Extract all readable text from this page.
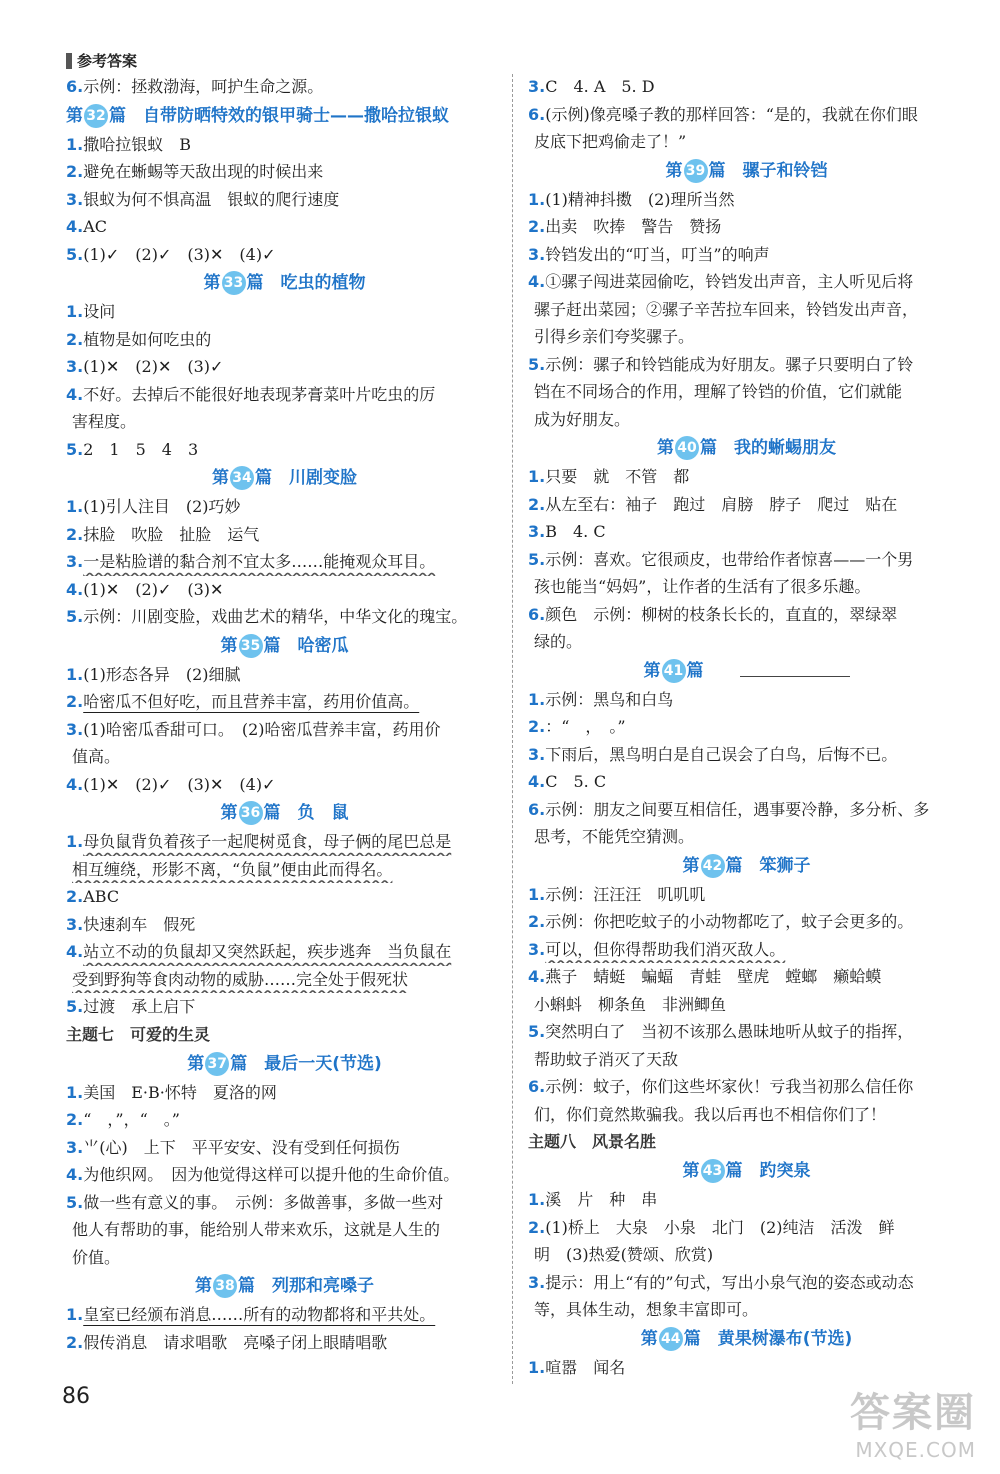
参考答案
6.示例：拯救渤海，呵护生命之源。
第 32 篇　 自带防晒特效的银甲骑士——撒哈拉银蚁
1.撒哈拉银蚁　B
2.避免在蜥蜴等天敌出现的时候出来
3.银蚁为何不惧高温　银蚁的爬行速度
4.AC
5.(1)✓　(2)✓　(3)✕　(4)✓
第 33 篇　 吃虫的植物
1.设问
2.植物是如何吃虫的
3.(1)✕　(2)✕　(3)✓
4.不好。去掉后不能很好地表现茅膏菜叶片吃虫的厉
害程度。
5.2　1　5　4　3
第 34 篇　 川剧变脸
1.(1)引人注目　(2)巧妙
2.抹脸　吹脸　扯脸　运气
3.一是粘脸谱的黏合剂不宜太多……能掩观众耳目。
4.(1)✕　(2)✓　(3)✕
5.示例：川剧变脸，戏曲艺术的精华，中华文化的瑰宝。
第 35 篇　 哈密瓜
1.(1)形态各异　(2)细腻
2.哈密瓜不但好吃，而且营养丰富，药用价值高。
3.(1)哈密瓜香甜可口。　(2)哈密瓜营养丰富，药用价
值高。
4.(1)✕　(2)✓　(3)✕　(4)✓
第 36 篇　 负　鼠
1.母负鼠背负着孩子一起爬树觅食，母子俩的尾巴总是
相互缠绕，形影不离，“负鼠”便由此而得名。
2.ABC
3.快速刹车　假死
4.站立不动的负鼠却又突然跃起，疾步逃奔　当负鼠在
受到野狗等食肉动物的威胁……完全处于假死状
5.过渡　承上启下
主题七　可爱的生灵
第 37 篇　 最后一天(节选)
1.美国　E·B·怀特　夏洛的网
2.“　，”，“　。”
3.⺌(心)　上下　平平安安、没有受到任何损伤
4.为他织网。　因为他觉得这样可以提升他的生命价值。
5.做一些有意义的事。　示例：多做善事，多做一些对
他人有帮助的事，能给别人带来欢乐，这就是人生的
价值。
第 38 篇　 列那和亮嗓子
1.皇室已经颁布消息……所有的动物都将和平共处。
2.假传消息　请求唱歌　亮嗓子闭上眼睛唱歌
3.C　4. A　5. D
6.(示例)像亮嗓子教的那样回答：“是的，我就在你们眼
皮底下把鸡偷走了！”
第 39 篇　 骡子和铃铛
1.(1)精神抖擞　(2)理所当然
2.出卖　吹捧　警告　赞扬
3.铃铛发出的“叮当，叮当”的响声
4.①骡子闯进菜园偷吃，铃铛发出声音，主人听见后将
骡子赶出菜园；②骡子辛苦拉车回来，铃铛发出声音，
引得乡亲们夸奖骡子。
5.示例：骡子和铃铛能成为好朋友。骡子只要明白了铃
铛在不同场合的作用，理解了铃铛的价值，它们就能
成为好朋友。
第 40 篇　 我的蜥蜴朋友
1.只要　就　不管　都
2.从左至右：袖子　跑过　肩膀　脖子　爬过　贴在
3.B　4. C
5.示例：喜欢。它很顽皮，也带给作者惊喜——一个男
孩也能当“妈妈”，让作者的生活有了很多乐趣。
6.颜色　示例：柳树的枝条长长的，直直的，翠绿翠
绿的。
第 41 篇
1.示例：黑鸟和白鸟
2.：“　，　。”
3.下雨后，黑鸟明白是自己误会了白鸟，后悔不已。
4.C　5. C
6.示例：朋友之间要互相信任，遇事要冷静，多分析、多
思考，不能凭空猜测。
第 42 篇　 笨狮子
1.示例：汪汪汪　叽叽叽
2.示例：你把吃蚊子的小动物都吃了，蚊子会更多的。
3.可以，但你得帮助我们消灭敌人。
4.燕子　蜻蜓　蝙蝠　青蛙　壁虎　螳螂　癞蛤蟆
小蝌蚪　柳条鱼　非洲鲫鱼
5.突然明白了　当初不该那么愚昧地听从蚊子的指挥，
帮助蚊子消灭了天敌
6.示例：蚊子，你们这些坏家伙！亏我当初那么信任你
们，你们竟然欺骗我。我以后再也不相信你们了！
主题八　风景名胜
第 43 篇　 趵突泉
1.溪　片　种　串
2.(1)桥上　大泉　小泉　北门　(2)纯洁　活泼　鲜
明　(3)热爱(赞颂、欣赏)
3.提示：用上“有的”句式，写出小泉气泡的姿态或动态
等，具体生动，想象丰富即可。
第 44 篇　 黄果树瀑布(节选)
1.喧嚣　闻名
86	答案圈
MXQE.COM
